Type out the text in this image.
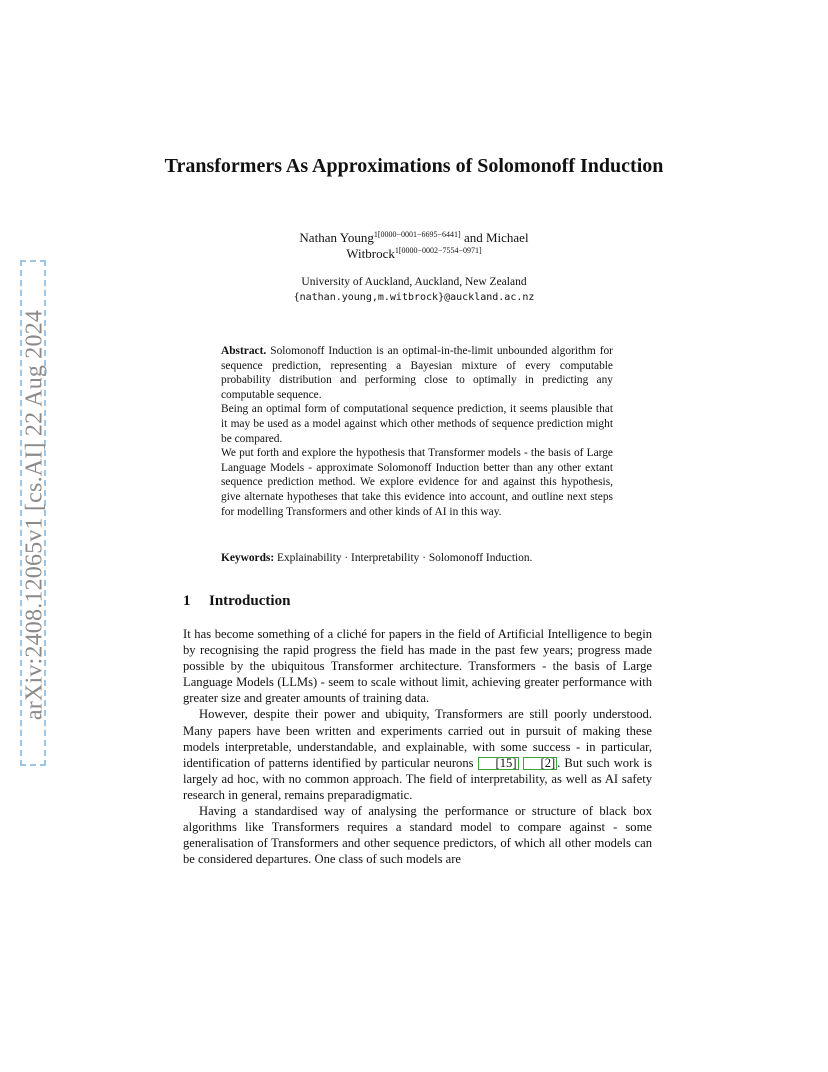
arXiv:2408.12065v1 [cs.AI] 22 Aug 2024
Transformers As Approximations of Solomonoff Induction
Nathan Young$^{1[0000-0001-6695-6441]}$ and Michael
Witbrock$^{1[0000-0002-7554-0971]}$
University of Auckland, Auckland, New Zealand
{nathan.young,m.witbrock}@auckland.ac.nz

Abstract. Solomonoff Induction is an optimal-in-the-limit unbounded algorithm for sequence prediction, representing a Bayesian mixture of every computable probability distribution and performing close to optimally in predicting any computable sequence.

Being an optimal form of computational sequence prediction, it seems plausible that it may be used as a model against which other methods of sequence prediction might be compared.

We put forth and explore the hypothesis that Transformer models - the basis of Large Language Models - approximate Solomonoff Induction better than any other extant sequence prediction method. We explore evidence for and against this hypothesis, give alternate hypotheses that take this evidence into account, and outline next steps for modelling Transformers and other kinds of AI in this way.

Keywords: Explainability · Interpretability · Solomonoff Induction.
1 Introduction

It has become something of a cliché for papers in the field of Artificial Intelligence to begin by recognising the rapid progress the field has made in the past few years; progress made possible by the ubiquitous Transformer architecture. Transformers - the basis of Large Language Models (LLMs) - seem to scale without limit, achieving greater performance with greater size and greater amounts of training data.

However, despite their power and ubiquity, Transformers are still poorly understood. Many papers have been written and experiments carried out in pursuit of making these models interpretable, understandable, and explainable, with some success - in particular, identification of patterns identified by particular neurons [15] [2] . But such work is largely ad hoc, with no common approach. The field of interpretability, as well as AI safety research in general, remains preparadigmatic.

Having a standardised way of analysing the performance or structure of black box algorithms like Transformers requires a standard model to compare against - some generalisation of Transformers and other sequence predictors, of which all other models can be considered departures. One class of such models are
